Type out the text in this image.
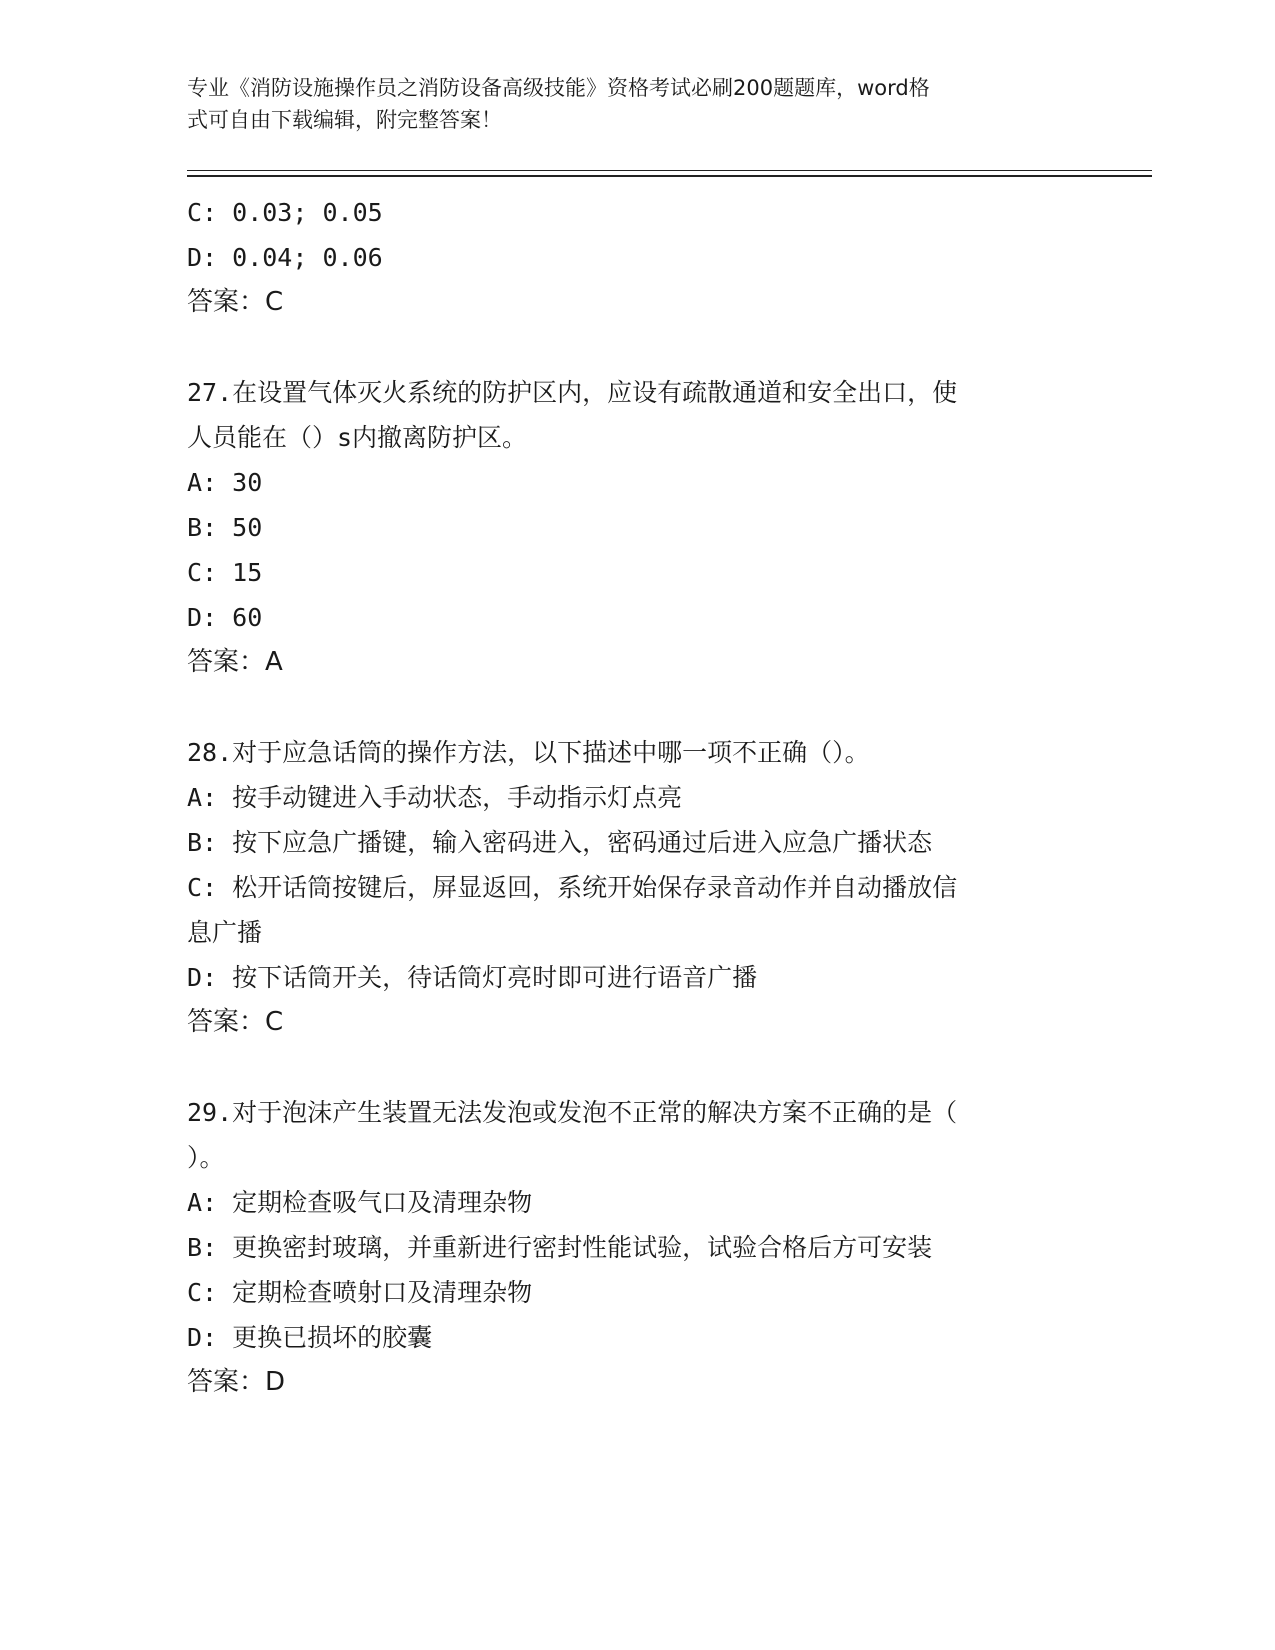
专业《消防设施操作员之消防设备高级技能》资格考试必刷200题题库，word格
式可自由下载编辑，附完整答案！
C: 0.03; 0.05
D: 0.04; 0.06
答案：C
27.在设置气体灭火系统的防护区内，应设有疏散通道和安全出口，使
人员能在（）s内撤离防护区。
A: 30
B: 50
C: 15
D: 60
答案：A
28.对于应急话筒的操作方法，以下描述中哪一项不正确（）。
A: 按手动键进入手动状态，手动指示灯点亮
B: 按下应急广播键，输入密码进入，密码通过后进入应急广播状态
C: 松开话筒按键后，屏显返回，系统开始保存录音动作并自动播放信
息广播
D: 按下话筒开关，待话筒灯亮时即可进行语音广播
答案：C
29.对于泡沫产生装置无法发泡或发泡不正常的解决方案不正确的是（
）。
A: 定期检查吸气口及清理杂物
B: 更换密封玻璃，并重新进行密封性能试验，试验合格后方可安装
C: 定期检查喷射口及清理杂物
D: 更换已损坏的胶囊
答案：D
